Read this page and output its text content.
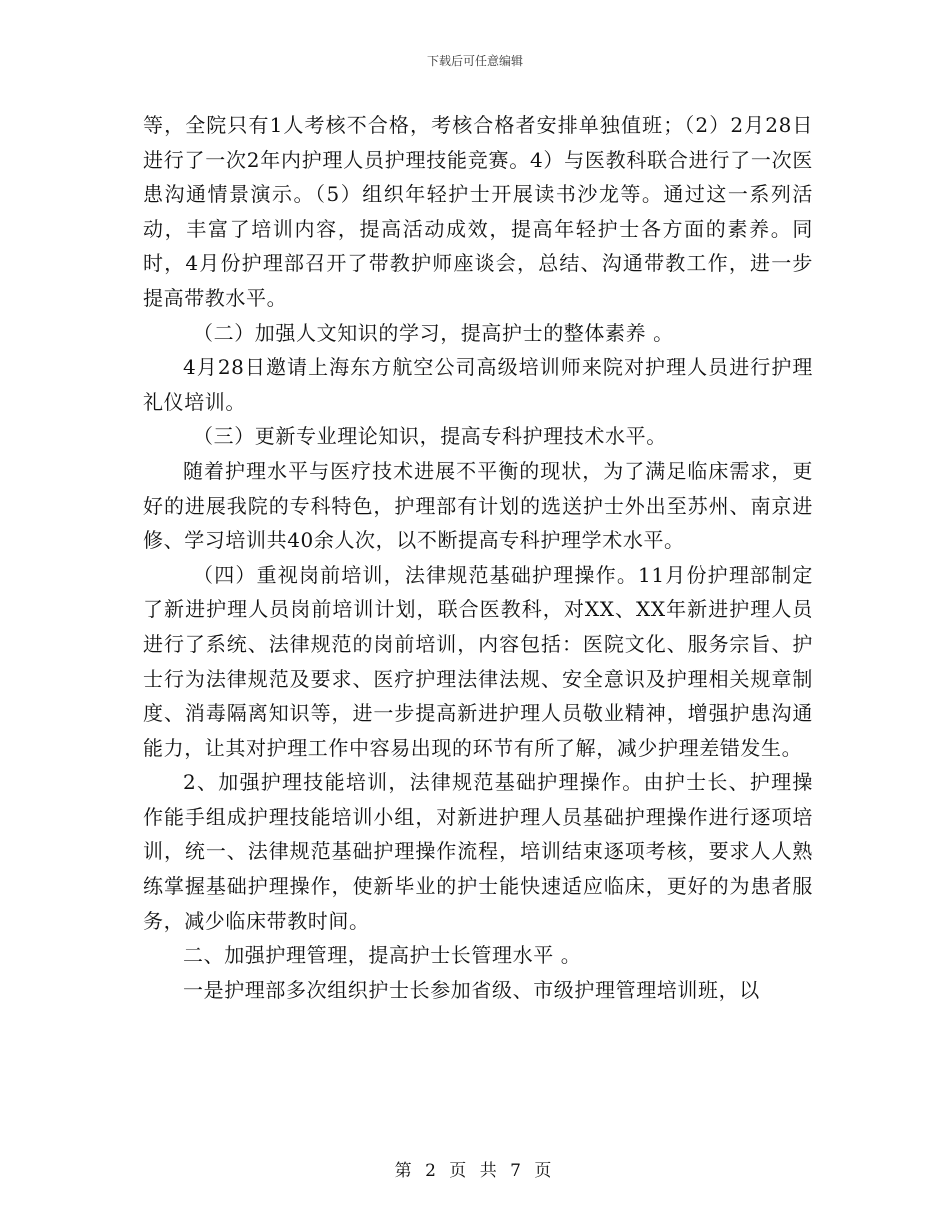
下载后可任意编辑

等，全院只有1人考核不合格，考核合格者安排单独值班；（2）2月28日进行了一次2年内护理人员护理技能竞赛。4）与医教科联合进行了一次医患沟通情景演示。（5）组织年轻护士开展读书沙龙等。通过这一系列活动，丰富了培训内容，提高活动成效，提高年轻护士各方面的素养。同时，4月份护理部召开了带教护师座谈会，总结、沟通带教工作，进一步提高带教水平。

（二）加强人文知识的学习，提高护士的整体素养 。

4月28日邀请上海东方航空公司高级培训师来院对护理人员进行护理礼仪培训。

（三）更新专业理论知识，提高专科护理技术水平。

随着护理水平与医疗技术进展不平衡的现状，为了满足临床需求，更好的进展我院的专科特色，护理部有计划的选送护士外出至苏州、南京进修、学习培训共40余人次，以不断提高专科护理学术水平。

（四）重视岗前培训，法律规范基础护理操作。11月份护理部制定了新进护理人员岗前培训计划，联合医教科，对XX、XX年新进护理人员进行了系统、法律规范的岗前培训，内容包括：医院文化、服务宗旨、护士行为法律规范及要求、医疗护理法律法规、安全意识及护理相关规章制度、消毒隔离知识等，进一步提高新进护理人员敬业精神，增强护患沟通能力，让其对护理工作中容易出现的环节有所了解，减少护理差错发生。

2、加强护理技能培训，法律规范基础护理操作。由护士长、护理操作能手组成护理技能培训小组，对新进护理人员基础护理操作进行逐项培训，统一、法律规范基础护理操作流程，培训结束逐项考核，要求人人熟练掌握基础护理操作，使新毕业的护士能快速适应临床，更好的为患者服务，减少临床带教时间。

二、加强护理管理，提高护士长管理水平 。

一是护理部多次组织护士长参加省级、市级护理管理培训班，以

第 2 页 共 7 页
